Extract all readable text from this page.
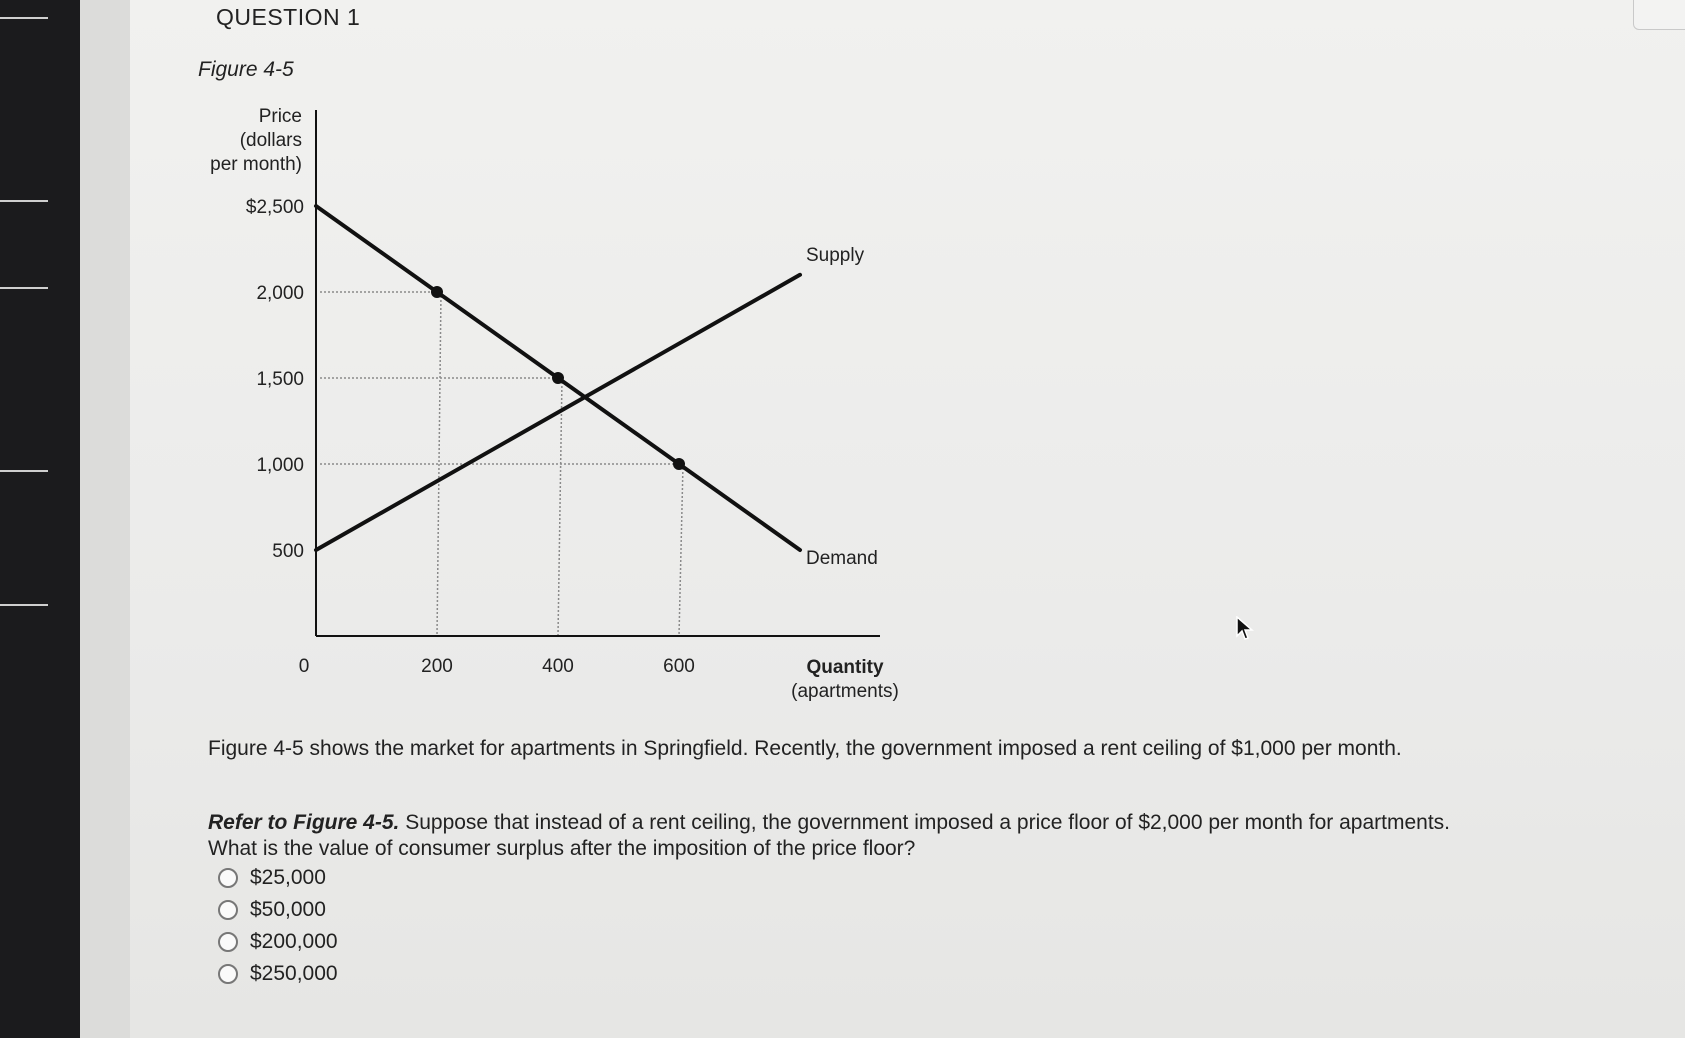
QUESTION 1
Figure 4-5
Price
(dollars
per month)
$2,500
2,000
1,500
1,000
500
0	200	400	600
Supply
Demand
Quantity
(apartments)
Figure 4-5 shows the market for apartments in Springfield. Recently, the government imposed a rent ceiling of $1,000 per month.
Refer to Figure 4-5. Suppose that instead of a rent ceiling, the government imposed a price floor of $2,000 per month for apartments. What is the value of consumer surplus after the imposition of the price floor?
$25,000
$50,000
$200,000
$250,000
